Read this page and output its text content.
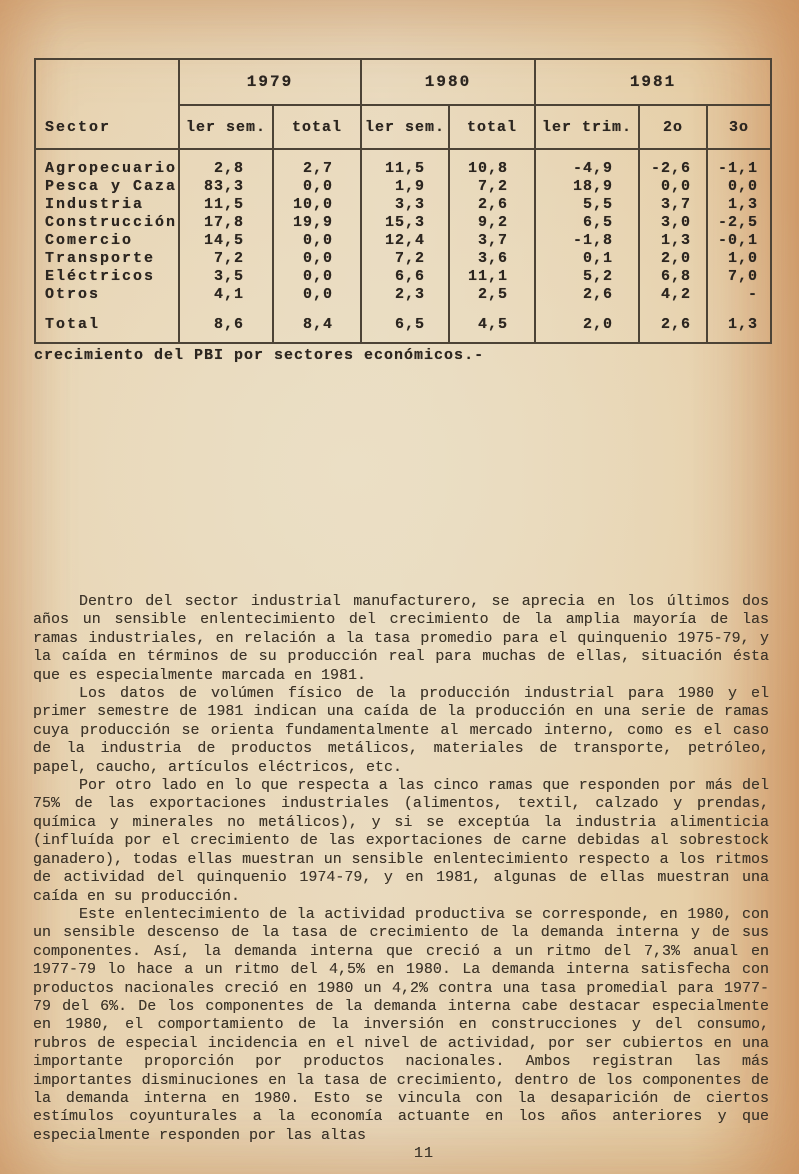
Sector	1979		1980		1981		
	ler sem.	total	ler sem.	total	ler trim.	2o	3o
Agropecuario	2,8	2,7	11,5	10,8	-4,9	-2,6	-1,1
Pesca y Caza	83,3	0,0	1,9	7,2	18,9	0,0	0,0
Industria	11,5	10,0	3,3	2,6	5,5	3,7	1,3
Construcción	17,8	19,9	15,3	9,2	6,5	3,0	-2,5
Comercio	14,5	0,0	12,4	3,7	-1,8	1,3	-0,1
Transporte	7,2	0,0	7,2	3,6	0,1	2,0	1,0
Eléctricos	3,5	0,0	6,6	11,1	5,2	6,8	7,0
Otros	4,1	0,0	2,3	2,5	2,6	4,2	-

Total	8,6	8,4	6,5	4,5	2,0	2,6	1,3
crecimiento del PBI por sectores económicos.-

Dentro del sector industrial manufacturero, se aprecia en los últimos dos años un sensible enlentecimiento del crecimiento de la amplia mayoría de las ramas industriales, en relación a la tasa promedio para el quinquenio 1975-79, y la caída en términos de su producción real para muchas de ellas, situación ésta que es especialmente marcada en 1981.

Los datos de volúmen físico de la producción industrial para 1980 y el primer semestre de 1981 indican una caída de la producción en una serie de ramas cuya producción se orienta fundamentalmente al mercado interno, como es el caso de la industria de productos metálicos, materiales de transporte, petróleo, papel, caucho, artículos eléctricos, etc.

Por otro lado en lo que respecta a las cinco ramas que responden por más del 75% de las exportaciones industriales (alimentos, textil, calzado y prendas, química y minerales no metálicos), y si se exceptúa la industria alimenticia (influída por el crecimiento de las exportaciones de carne debidas al sobrestock ganadero), todas ellas muestran un sensible enlentecimiento respecto a los ritmos de actividad del quinquenio 1974-79, y en 1981, algunas de ellas muestran una caída en su producción.

Este enlentecimiento de la actividad productiva se corresponde, en 1980, con un sensible descenso de la tasa de crecimiento de la demanda interna y de sus componentes. Así, la demanda interna que creció a un ritmo del 7,3% anual en 1977-79 lo hace a un ritmo del 4,5% en 1980. La demanda interna satisfecha con productos nacionales creció en 1980 un 4,2% contra una tasa promedial para 1977-79 del 6%. De los componentes de la demanda interna cabe destacar especialmente en 1980, el comportamiento de la inversión en construcciones y del consumo, rubros de especial incidencia en el nivel de actividad, por ser cubiertos en una importante proporción por productos nacionales. Ambos registran las más importantes disminuciones en la tasa de crecimiento, dentro de los componentes de la demanda interna en 1980. Esto se vincula con la desaparición de ciertos estímulos coyunturales a la economía actuante en los años anteriores y que especialmente responden por las altas

11
